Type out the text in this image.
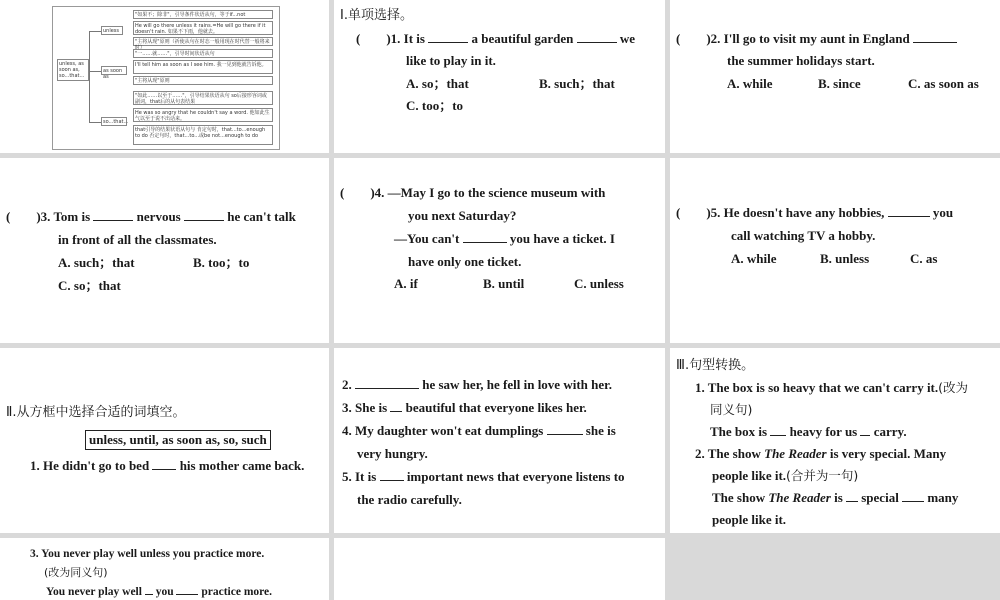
unless, as soon as, so...that...
unless
as soon as
so...that...
"如果不；除非"，引导条件状语从句，等于if...not
He will go there unless it rains.=He will go there if it doesn't rain. 如果不下雨，他就去。
"主将从现"原则（祈使从句在时态一般用现在时代替一般将来时）
"一……就……"，引导时间状语从句
I'll tell him as soon as I see him. 我一见到他就告诉他。
"主将从现"原则
"如此……以至于……"，引导结果状语从句 so后接形容词或副词，that后的从句表结果
He was so angry that he couldn't say a word. 他如此生气以至于说不出话来。
that引导的结果状语从句与 肯定句时，that...to...enough to do 否定句时，that...to...或be not...enough to do
Ⅰ.单项选择。
(　　)1. It is	a beautiful garden	we
like to play in it.
A. so；that	B. such；that
C. too；to
(　　)2. I'll go to visit my aunt in England
the summer holidays start.
A. while	B. since	C. as soon as
(　　)3. Tom is	nervous	he can't talk
in front of all the classmates.
A. such；that	B. too；to
C. so；that
(　　)4. —May I go to the science museum with
you next Saturday?
—You can't	you have a ticket. I
have only one ticket.
A. if	B. until	C. unless
(　　)5. He doesn't have any hobbies,	you
call watching TV a hobby.
A. while	B. unless	C. as
Ⅱ.从方框中选择合适的词填空。
unless, until, as soon as, so, such
1. He didn't go to bed his mother came back.
2.	he saw her, he fell in love with her.
3. She is beautiful that everyone likes her.
4. My daughter won't eat dumplings	she is
very hungry.
5. It is important news that everyone listens to
the radio carefully.
Ⅲ.句型转换。
1. The box is so heavy that we can't carry it.(改为
同义句)
The box is heavy for us carry.
2. The show The Reader is very special. Many
people like it.(合并为一句)
The show The Reader is special many
people like it.
3. You never play well unless you practice more.
(改为同义句)
You never play well you practice more.
